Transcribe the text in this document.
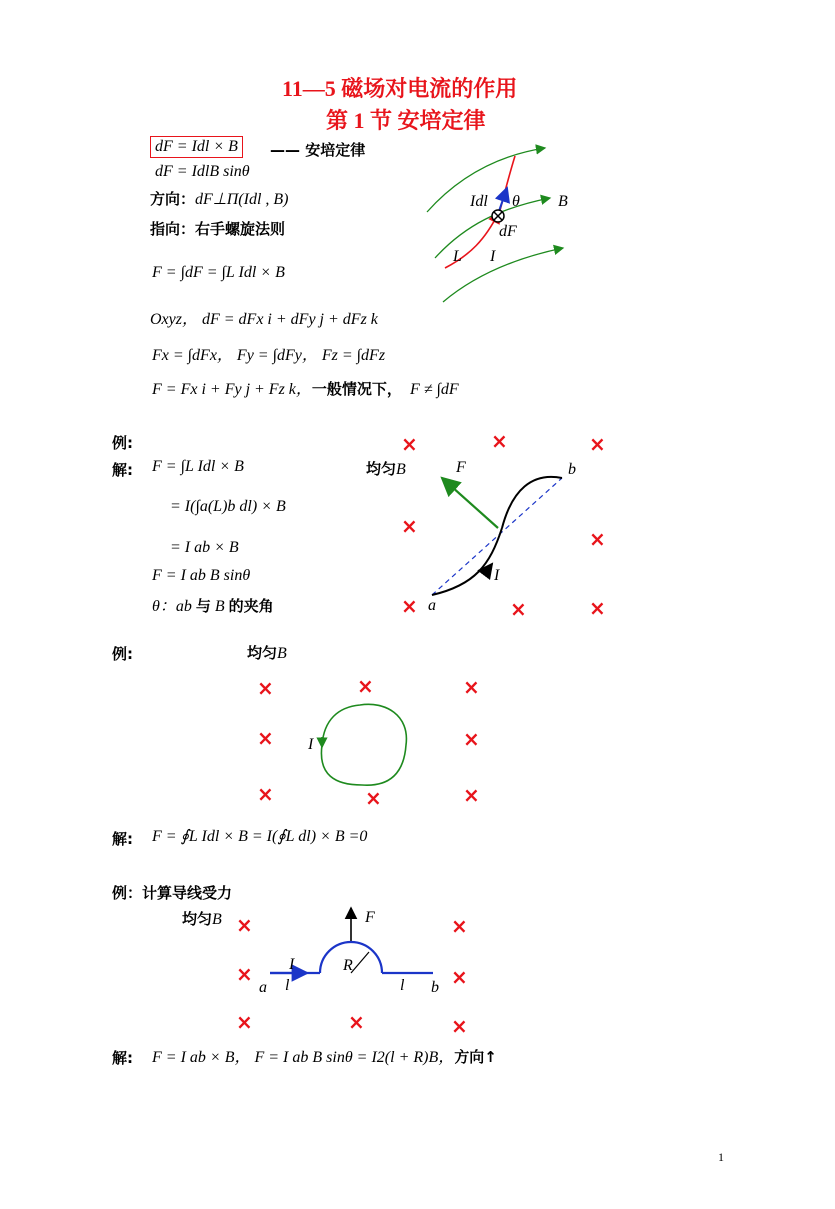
11—5 磁场对电流的作用
第 1 节 安培定律
dF = Idl × B	—— 安培定律
dF = IdlB sinθ
方向：dF⊥Π(Idl , B)
指向：右手螺旋法则
F = ∫dF = ∫L Idl × B
Oxyz， dF = dFx i + dFy j + dFz k
Fx = ∫dFx， Fy = ∫dFy， Fz = ∫dFz
F = Fx i + Fy j + Fz k，一般情况下， F ≠ ∫dF
Idl θ B
dF
L I
例:
解: F = ∫L Idl × B	均匀B
= I(∫a(L)b dl) × B
= I ab × B
F = I ab B sinθ
θ：ab 与 B 的夹角
×	×	×
×
×
×	×	×
F	b
I
a
例:	均匀B
×	×	×
×	×
×	×	×
I
解: F = ∮L Idl × B = I(∮L dl) × B =0
例：计算导线受力
均匀B ×	×
×	×
×	×	×
F
I	R
a l	l b
解: F = I ab × B， F = I ab B sinθ = I2(l + R)B，方向↑
1
